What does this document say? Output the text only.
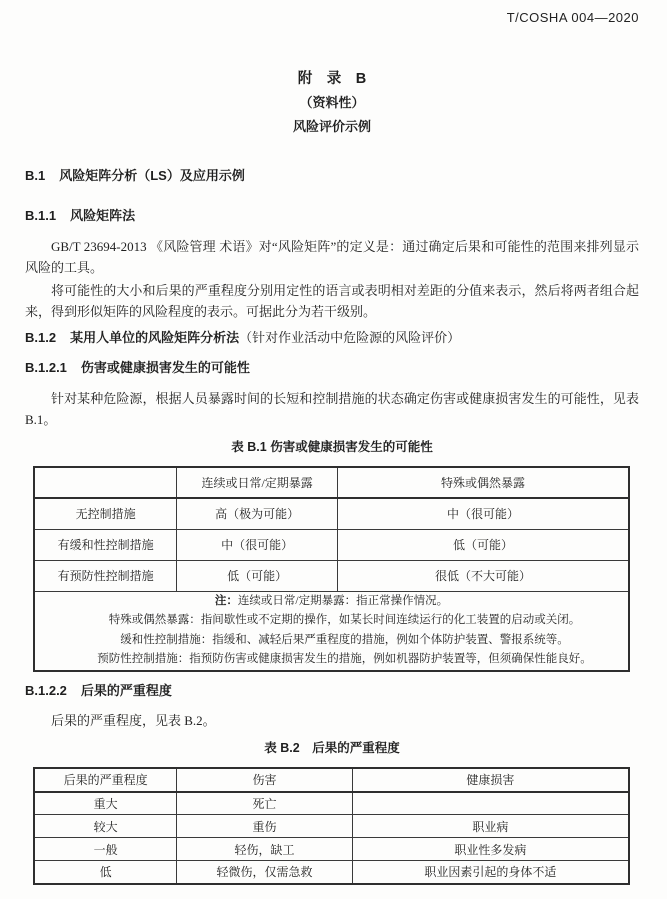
T/COSHA 004—2020
附　录　B
（资料性）
风险评价示例
B.1 风险矩阵分析（LS）及应用示例
B.1.1 风险矩阵法
GB/T 23694-2013 《风险管理 术语》对“风险矩阵”的定义是：通过确定后果和可能性的范围来排列显示风险的工具。
将可能性的大小和后果的严重程度分别用定性的语言或表明相对差距的分值来表示，然后将两者组合起来，得到形似矩阵的风险程度的表示。可据此分为若干级别。
B.1.2 某用人单位的风险矩阵分析法（针对作业活动中危险源的风险评价）
B.1.2.1 伤害或健康损害发生的可能性
针对某种危险源，根据人员暴露时间的长短和控制措施的状态确定伤害或健康损害发生的可能性，见表 B.1。
表 B.1 伤害或健康损害发生的可能性
	连续或日常/定期暴露	特殊或偶然暴露
无控制措施	高（极为可能）	中（很可能）
有缓和性控制措施	中（很可能）	低（可能）
有预防性控制措施	低（可能）	很低（不大可能）

注：连续或日常/定期暴露：指正常操作情况。
特殊或偶然暴露：指间歇性或不定期的操作，如某长时间连续运行的化工装置的启动或关闭。
缓和性控制措施：指缓和、减轻后果严重程度的措施，例如个体防护装置、警报系统等。
预防性控制措施：指预防伤害或健康损害发生的措施，例如机器防护装置等，但须确保性能良好。		
B.1.2.2 后果的严重程度
后果的严重程度，见表 B.2。
表 B.2　后果的严重程度
后果的严重程度	伤害	健康损害
重大	死亡	
较大	重伤	职业病
一般	轻伤，缺工	职业性多发病
低	轻微伤，仅需急救	职业因素引起的身体不适
